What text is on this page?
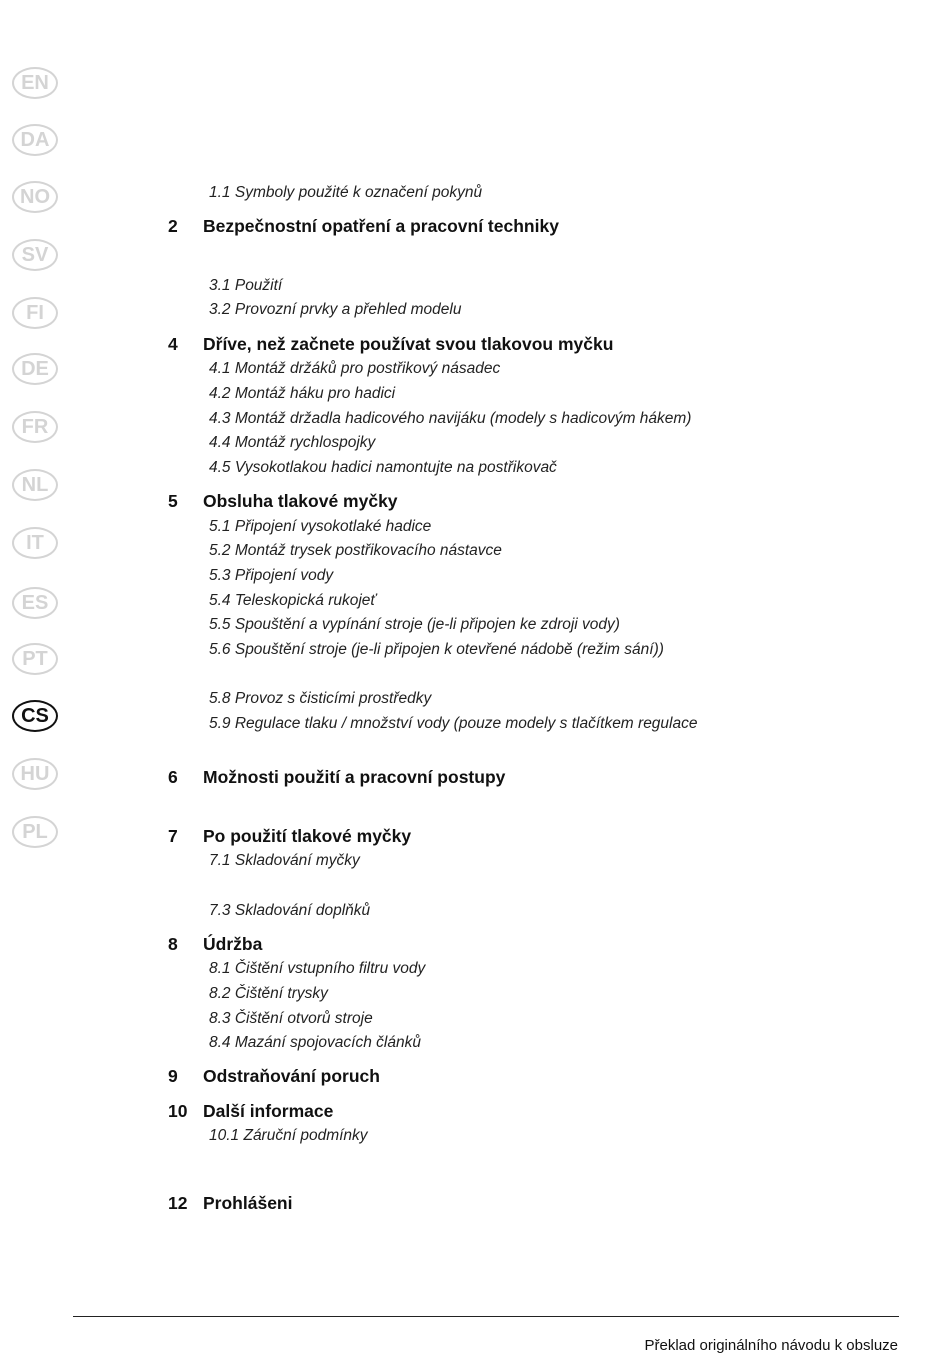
EN
DA
NO
SV
FI
DE
FR
NL
IT
ES
PT
CS
HU
PL
1.1 Symboly použité k označení pokynů
2 Bezpečnostní opatření a pracovní techniky
3.1 Použití
3.2 Provozní prvky a přehled modelu
4 Dříve, než začnete používat svou tlakovou myčku
4.1 Montáž držáků pro postřikový násadec
4.2 Montáž háku pro hadici
4.3 Montáž držadla hadicového navijáku (modely s hadicovým hákem)
4.4 Montáž rychlospojky
4.5 Vysokotlakou hadici namontujte na postřikovač
5 Obsluha tlakové myčky
5.1 Připojení vysokotlaké hadice
5.2 Montáž trysek postřikovacího nástavce
5.3 Připojení vody
5.4 Teleskopická rukojeť
5.5 Spouštění a vypínání stroje (je-li připojen ke zdroji vody)
5.6 Spouštění stroje (je-li připojen k otevřené nádobě (režim sání))
5.8 Provoz s čisticími prostředky
5.9 Regulace tlaku / množství vody (pouze modely s tlačítkem regulace
6 Možnosti použití a pracovní postupy
7 Po použití tlakové myčky
7.1 Skladování myčky
7.3 Skladování doplňků
8 Údržba
8.1 Čištění vstupního filtru vody
8.2 Čištění trysky
8.3 Čištění otvorů stroje
8.4 Mazání spojovacích článků
9 Odstraňování poruch
10 Další informace
10.1 Záruční podmínky
12 Prohlášeni
Překlad originálního návodu k obsluze
